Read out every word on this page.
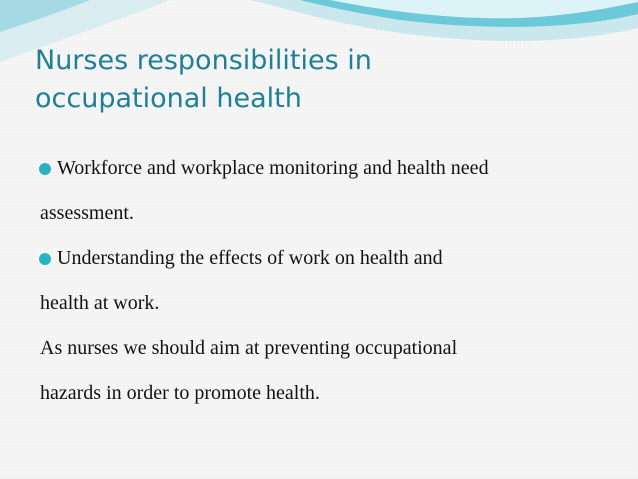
Nurses responsibilities in
occupational health

Workforce and workplace monitoring and health need

assessment.

Understanding the effects of work on health and

health at work.

As nurses we should aim at preventing occupational

hazards in order to promote health.
